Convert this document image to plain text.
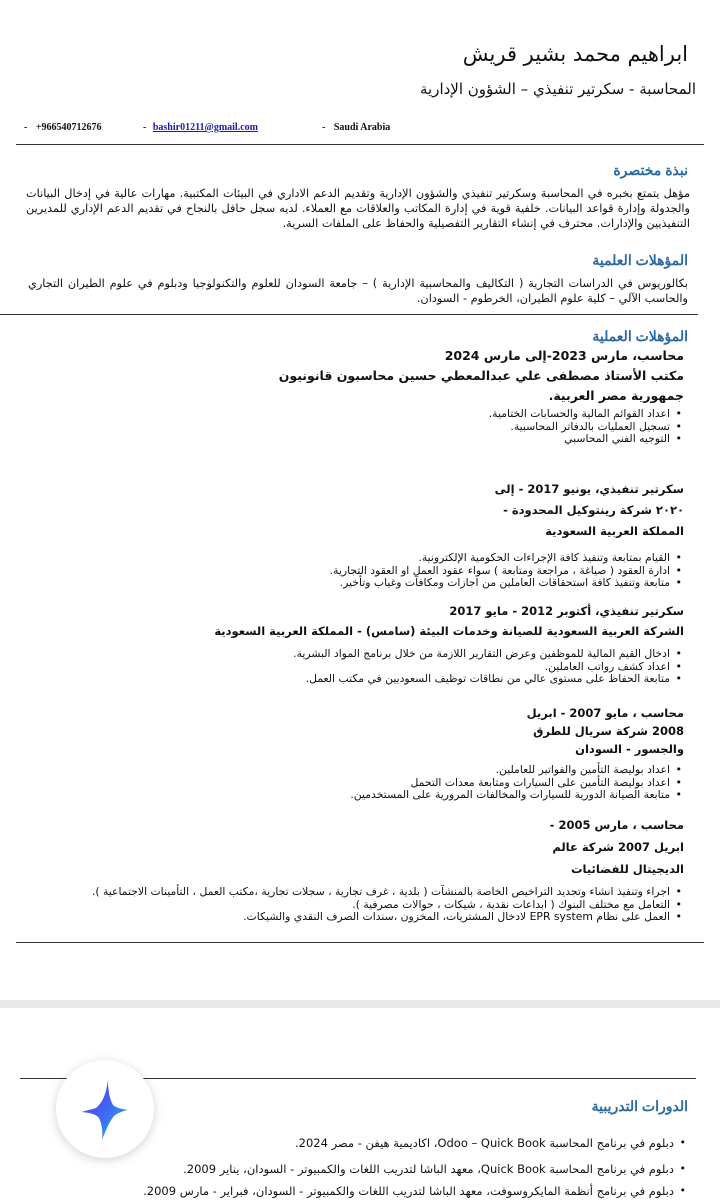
ابراهيم محمد بشير قريش
المحاسبة - سكرتير تنفيذي – الشؤون الإدارية
- +966540712676	- bashir01211@gmail.com	- Saudi Arabia
نبذة مختصرة
مؤهل يتمتع بخبره في المحاسبة وسكرتير تنفيذي والشؤون الإدارية وتقديم الدعم الاداري في البيئات المكتبية. مهارات عالية في إدخال البيانات والجدولة وإدارة قواعد البيانات. خلفية قوية في إدارة المكاتب والعلاقات مع العملاء. لديه سجل حافل بالنجاح في تقديم الدعم الإداري للمديرين التنفيذيين والإدارات. محترف في إنشاء التقارير التفصيلية والحفاظ على الملفات السرية.
المؤهلات العلمية
بكالوريوس في الدراسات التجارية ( التكاليف والمحاسبية الإدارية ) – جامعة السودان للعلوم والتكنولوجيا ودبلوم في علوم الطيران التجاري والحاسب الآلي – كلية علوم الطيران، الخرطوم - السودان.
المؤهلات العملية
محاسب، مارس 2023-إلى مارس 2024
مكتب الأستاذ مصطفى علي عبدالمعطي حسين محاسبون قانونيون
جمهورية مصر العربية.
• اعداد القوائم المالية والحسابات الختامية.
• تسجيل العمليات بالدفاتر المحاسبية.
• التوجيه الفني المحاسبي
سكرتير تنفيذي، يونيو 2017 - إلى
٢٠٢٠ شركة رينتوكيل المحدودة -
المملكة العربية السعودية
• القيام بمتابعة وتنفيذ كافة الإجراءات الحكومية الإلكترونية.
• ادارة العقود ( صياغة ، مراجعة ومتابعة ) سواء عقود العمل او العقود التجارية.
• متابعة وتنفيذ كافة استحقاقات العاملين من اجازات ومكافآت وغياب وتأخير.
سكرتير تنفيذي، أكتوبر 2012 - مايو 2017
الشركة العربية السعودية للصيانة وخدمات البيئة (سامس) - المملكة العربية السعودية
• ادخال القيم المالية للموظفين وعرض التقارير اللازمة من خلال برنامج المواد البشرية.
• اعداد كشف رواتب العاملين.
• متابعة الحفاظ على مستوى عالي من نطاقات توظيف السعوديين في مكتب العمل.
محاسب ، مايو 2007 - ابريل
2008 شركة سريال للطرق
والجسور - السودان
• اعداد بوليصة التأمين والفواتير للعاملين.
• اعداد بوليصة التأمين على السيارات ومتابعة معدات التحمل
• متابعة الصيانة الدورية للسيارات والمخالفات المرورية على المستخدمين.
محاسب ، مارس 2005 -
ابريل 2007 شركة عالم
الديجيتال للفضائيات
• اجراء وتنفيذ انشاء وتجديد التراخيص الخاصة بالمنشآت ( بلدية ، غرف تجارية ، سجلات تجارية ،مكتب العمل ، التأمينات الاجتماعية ).
• التعامل مع مختلف البنوك ( ابداعات نقدية ، شيكات ، حوالات مصرفية ).
• العمل على نظام EPR system لادخال المشتريات، المخزون ،سندات الصرف النقدي والشيكات.
الدورات التدريبية
• دبلوم في برنامج المحاسبة Odoo – Quick Book، اكاديمية هيفن - مصر 2024.
• دبلوم في برنامج المحاسبة Quick Book، معهد الباشا لتدريب اللغات والكمبيوتر - السودان، يناير 2009.
• دبلوم في برنامج أنظمة المايكروسوفت، معهد الباشا لتدريب اللغات والكمبيوتر - السودان، فبراير - مارس 2009.
